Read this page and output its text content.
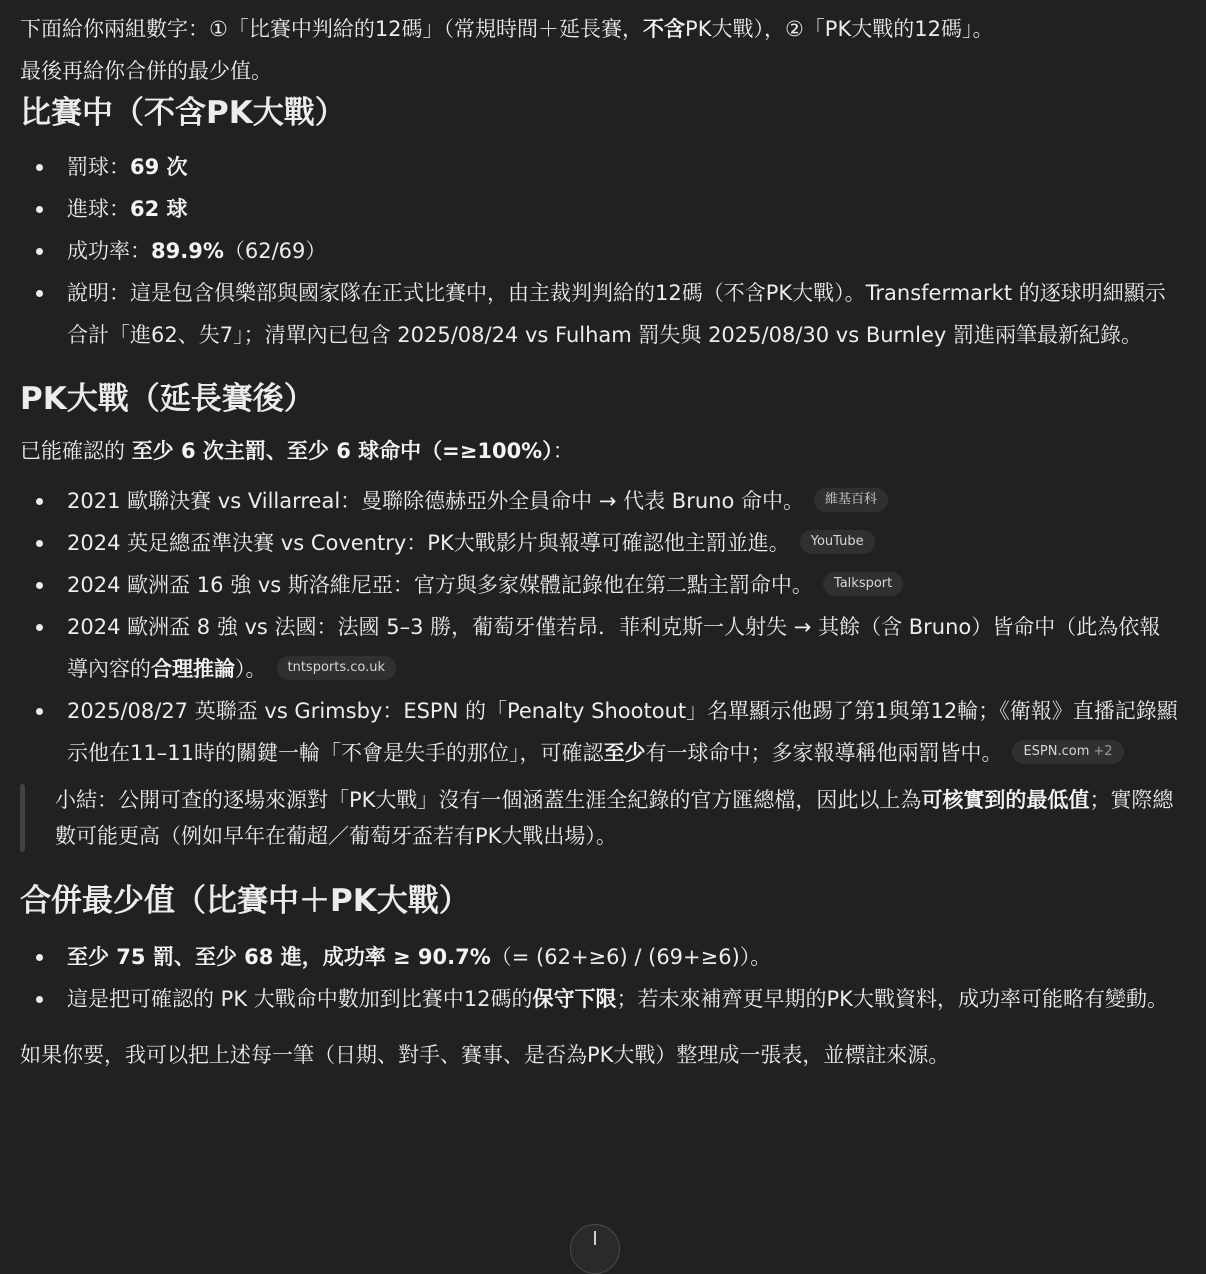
下面給你兩組數字：①「比賽中判給的12碼」（常規時間＋延長賽，不含PK大戰），②「PK大戰的12碼」。
最後再給你合併的最少值。

比賽中（不含PK大戰）
罰球：69 次
進球：62 球
成功率：89.9%（62/69）
說明：這是包含俱樂部與國家隊在正式比賽中，由主裁判判給的12碼（不含PK大戰）。Transfermarkt 的逐球明細顯示合計「進62、失7」；清單內已包含 2025/08/24 vs Fulham 罰失與 2025/08/30 vs Burnley 罰進兩筆最新紀錄。
PK大戰（延長賽後）

已能確認的 至少 6 次主罰、至少 6 球命中（=≥100%）：

2021 歐聯決賽 vs Villarreal：曼聯除德赫亞外全員命中 → 代表 Bruno 命中。 維基百科
2024 英足總盃準決賽 vs Coventry：PK大戰影片與報導可確認他主罰並進。 YouTube
2024 歐洲盃 16 強 vs 斯洛維尼亞：官方與多家媒體記錄他在第二點主罰命中。 Talksport
2024 歐洲盃 8 強 vs 法國：法國 5–3 勝，葡萄牙僅若昂．菲利克斯一人射失 → 其餘（含 Bruno）皆命中（此為依報導內容的合理推論）。 tntsports.co.uk
2025/08/27 英聯盃 vs Grimsby：ESPN 的「Penalty Shootout」名單顯示他踢了第1與第12輪；《衛報》直播記錄顯示他在11–11時的關鍵一輪「不會是失手的那位」，可確認至少有一球命中；多家報導稱他兩罰皆中。 ESPN.com +2

小結：公開可查的逐場來源對「PK大戰」沒有一個涵蓋生涯全紀錄的官方匯總檔，因此以上為可核實到的最低值；實際總數可能更高（例如早年在葡超／葡萄牙盃若有PK大戰出場）。

合併最少值（比賽中＋PK大戰）
至少 75 罰、至少 68 進，成功率 ≥ 90.7%（= (62+≥6) / (69+≥6)）。
這是把可確認的 PK 大戰命中數加到比賽中12碼的保守下限；若未來補齊更早期的PK大戰資料，成功率可能略有變動。

如果你要，我可以把上述每一筆（日期、對手、賽事、是否為PK大戰）整理成一張表，並標註來源。
